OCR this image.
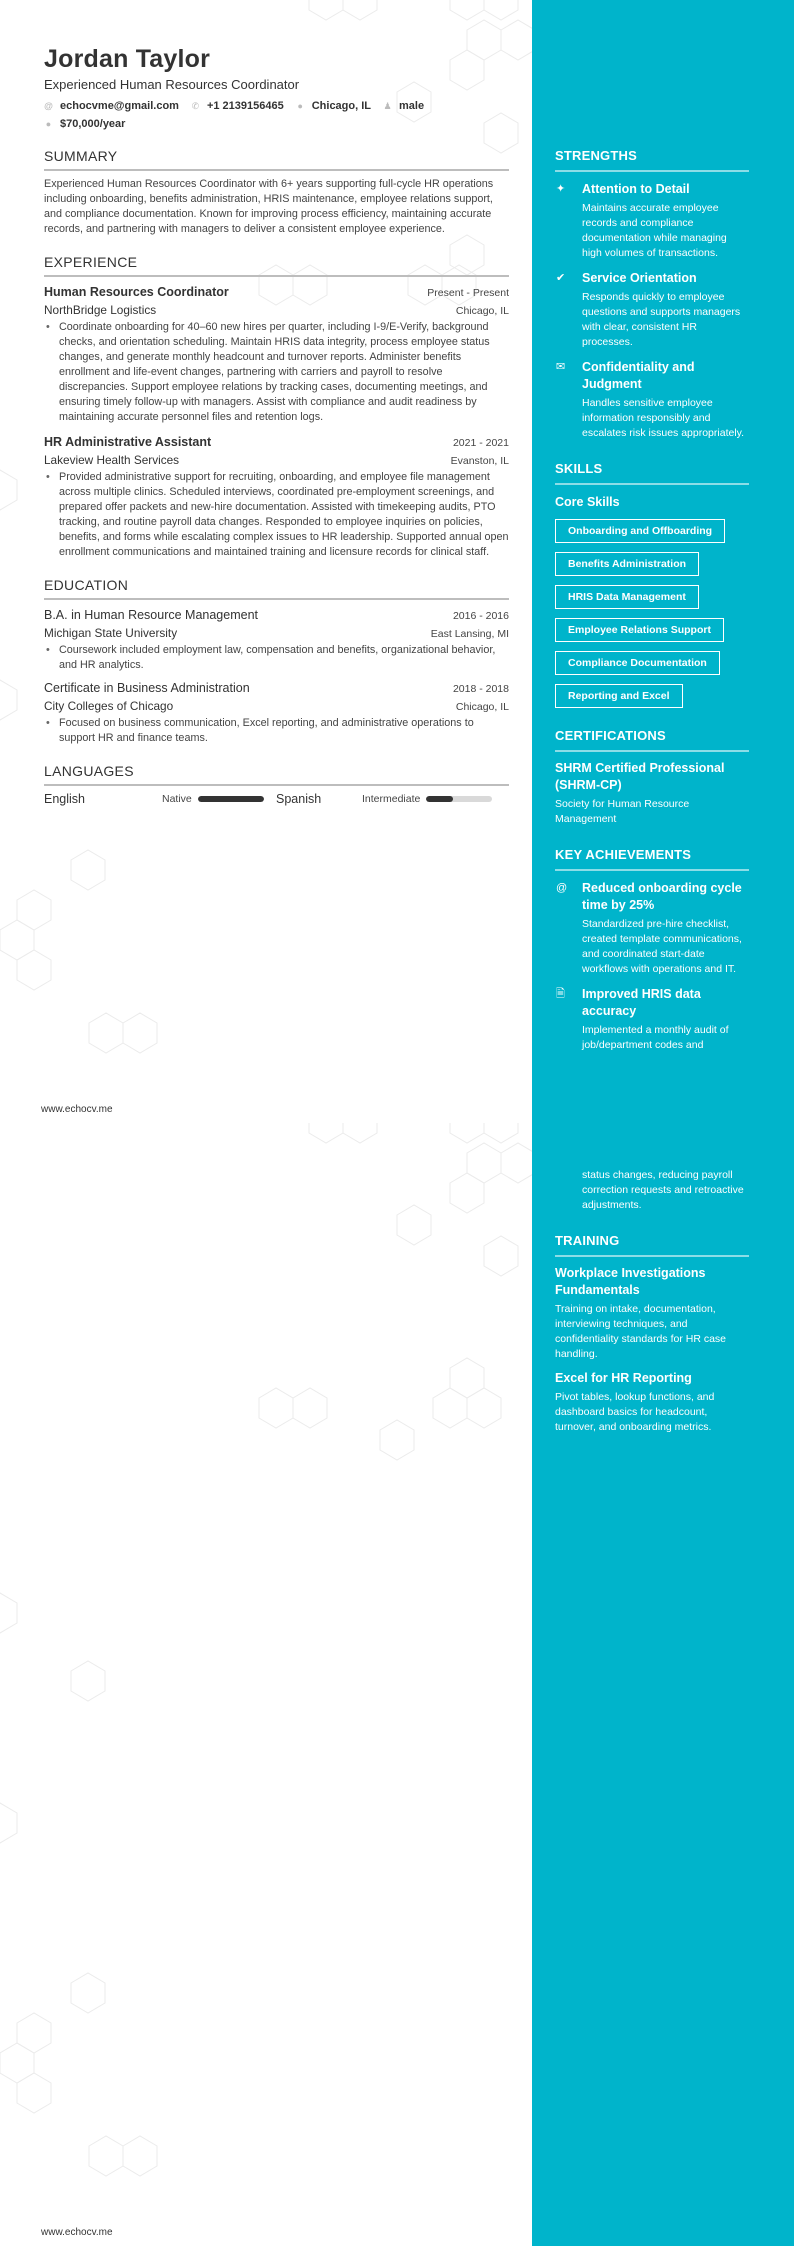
Jordan Taylor
Experienced Human Resources Coordinator
@ echocvme@gmail.com ✆ +1 2139156465 ● Chicago, IL ♟ male
● $70,000/year
SUMMARY
Experienced Human Resources Coordinator with 6+ years supporting full-cycle HR operations including onboarding, benefits administration, HRIS maintenance, employee relations support, and compliance documentation. Known for improving process efficiency, maintaining accurate records, and partnering with managers to deliver a consistent employee experience.
EXPERIENCE
Human Resources Coordinator	Present - Present
NorthBridge Logistics	Chicago, IL
• Coordinate onboarding for 40–60 new hires per quarter, including I-9/E-Verify, background checks, and orientation scheduling. Maintain HRIS data integrity, process employee status changes, and generate monthly headcount and turnover reports. Administer benefits enrollment and life-event changes, partnering with carriers and payroll to resolve discrepancies. Support employee relations by tracking cases, documenting meetings, and ensuring timely follow-up with managers. Assist with compliance and audit readiness by maintaining accurate personnel files and retention logs.
HR Administrative Assistant	2021 - 2021
Lakeview Health Services	Evanston, IL
• Provided administrative support for recruiting, onboarding, and employee file management across multiple clinics. Scheduled interviews, coordinated pre-employment screenings, and prepared offer packets and new-hire documentation. Assisted with timekeeping audits, PTO tracking, and routine payroll data changes. Responded to employee inquiries on policies, benefits, and forms while escalating complex issues to HR leadership. Supported annual open enrollment communications and maintained training and licensure records for clinical staff.
EDUCATION
B.A. in Human Resource Management	2016 - 2016
Michigan State University	East Lansing, MI
• Coursework included employment law, compensation and benefits, organizational behavior, and HR analytics.
Certificate in Business Administration	2018 - 2018
City Colleges of Chicago	Chicago, IL
• Focused on business communication, Excel reporting, and administrative operations to support HR and finance teams.
LANGUAGES
English	Native	Spanish	Intermediate
STRENGTHS
✦	Attention to Detail
Maintains accurate employee records and compliance documentation while managing high volumes of transactions.
✔	Service Orientation
Responds quickly to employee questions and supports managers with clear, consistent HR processes.
✉	Confidentiality and Judgment
Handles sensitive employee information responsibly and escalates risk issues appropriately.
SKILLS
Core Skills
Onboarding and Offboarding
Benefits Administration
HRIS Data Management
Employee Relations Support
Compliance Documentation
Reporting and Excel
CERTIFICATIONS
SHRM Certified Professional (SHRM-CP)
Society for Human Resource Management
KEY ACHIEVEMENTS
@	Reduced onboarding cycle time by 25%
Standardized pre-hire checklist, created template communications, and coordinated start-date workflows with operations and IT.
🗎	Improved HRIS data accuracy
Implemented a monthly audit of job/department codes and
www.echocv.me
status changes, reducing payroll correction requests and retroactive adjustments.
TRAINING
Workplace Investigations Fundamentals
Training on intake, documentation, interviewing techniques, and confidentiality standards for HR case handling.
Excel for HR Reporting
Pivot tables, lookup functions, and dashboard basics for headcount, turnover, and onboarding metrics.
www.echocv.me
